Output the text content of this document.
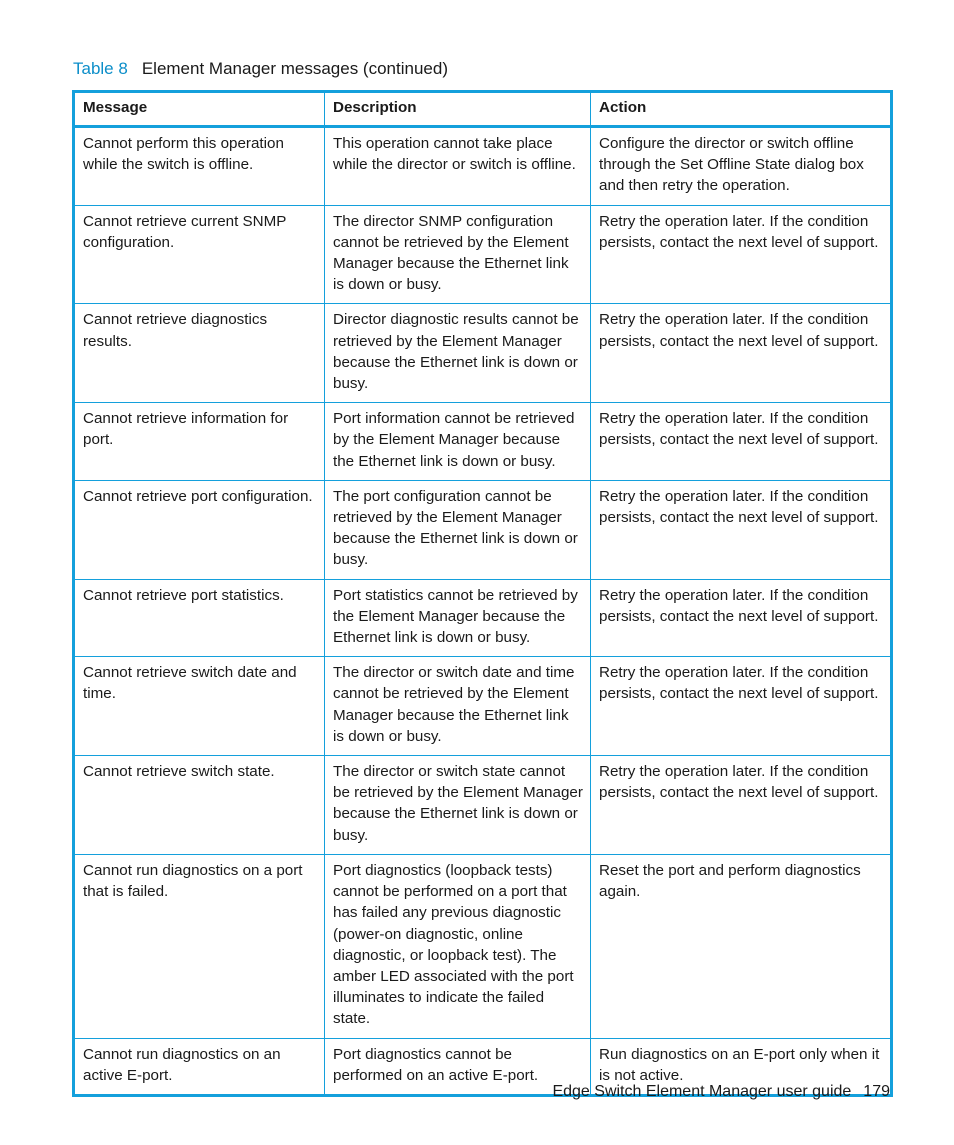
Table 8 Element Manager messages (continued)
Message	Description	Action
Cannot perform this operation while the switch is offline.	This operation cannot take place while the director or switch is offline.	Configure the director or switch offline through the Set Offline State dialog box and then retry the operation.
Cannot retrieve current SNMP configuration.	The director SNMP configuration cannot be retrieved by the Element Manager because the Ethernet link is down or busy.	Retry the operation later. If the condition persists, contact the next level of support.
Cannot retrieve diagnostics results.	Director diagnostic results cannot be retrieved by the Element Manager because the Ethernet link is down or busy.	Retry the operation later. If the condition persists, contact the next level of support.
Cannot retrieve information for port.	Port information cannot be retrieved by the Element Manager because the Ethernet link is down or busy.	Retry the operation later. If the condition persists, contact the next level of support.
Cannot retrieve port configuration.	The port configuration cannot be retrieved by the Element Manager because the Ethernet link is down or busy.	Retry the operation later. If the condition persists, contact the next level of support.
Cannot retrieve port statistics.	Port statistics cannot be retrieved by the Element Manager because the Ethernet link is down or busy.	Retry the operation later. If the condition persists, contact the next level of support.
Cannot retrieve switch date and time.	The director or switch date and time cannot be retrieved by the Element Manager because the Ethernet link is down or busy.	Retry the operation later. If the condition persists, contact the next level of support.
Cannot retrieve switch state.	The director or switch state cannot be retrieved by the Element Manager because the Ethernet link is down or busy.	Retry the operation later. If the condition persists, contact the next level of support.
Cannot run diagnostics on a port that is failed.	Port diagnostics (loopback tests) cannot be performed on a port that has failed any previous diagnostic (power-on diagnostic, online diagnostic, or loopback test). The amber LED associated with the port illuminates to indicate the failed state.	Reset the port and perform diagnostics again.
Cannot run diagnostics on an active E-port.	Port diagnostics cannot be performed on an active E-port.	Run diagnostics on an E-port only when it is not active.
Edge Switch Element Manager user guide 179
